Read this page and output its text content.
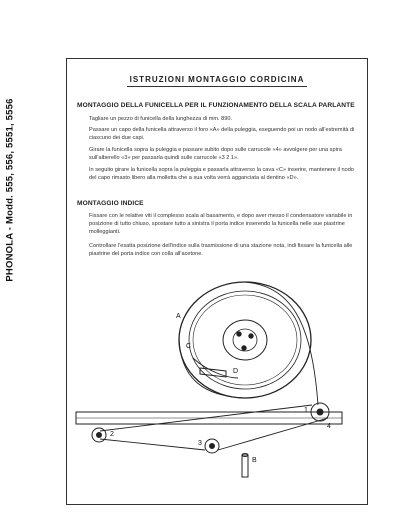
PHONOLA - Modd. 555, 556, 5551, 5556
ISTRUZIONI MONTAGGIO CORDICINA
MONTAGGIO DELLA FUNICELLA PER IL FUNZIONAMENTO DELLA SCALA PARLANTE
Tagliare un pezzo di funicella della lunghezza di mm. 890.
Passare un capo della funicella attraverso il foro «A» della puleggia, eseguendo poi un nodo all'estremità di ciascuno dei due capi.
Girare la funicella sopra la puleggia e passare subito dopo sulle carrucole «4» avvolgere per una spira sull'alberello «3» per passarla quindi sulle carrucole «3 2 1».
In seguito girare la funicella sopra la puleggia e passarla attraverso la cava «C» inserire, mantenere il nodo del capo rimasto libero alla molletta che a sua volta verrà agganciata al dentino «D».
MONTAGGIO INDICE
Fissare con le relative viti il complesso scala al basamento, e dopo aver messo il condensatore variabile in posizione di tutto chiuso, spostare tutto a sinistra il porta indice inserendo la funicella nelle sue piastrine molleggianti.
Controllare l'esatta posizione dell'indice sulla trasmissione di una stazione nota, indi fissare la funicella alle piastrine del porta indice con colla all'acetone.
A
C
D
1
4
2
3
B
